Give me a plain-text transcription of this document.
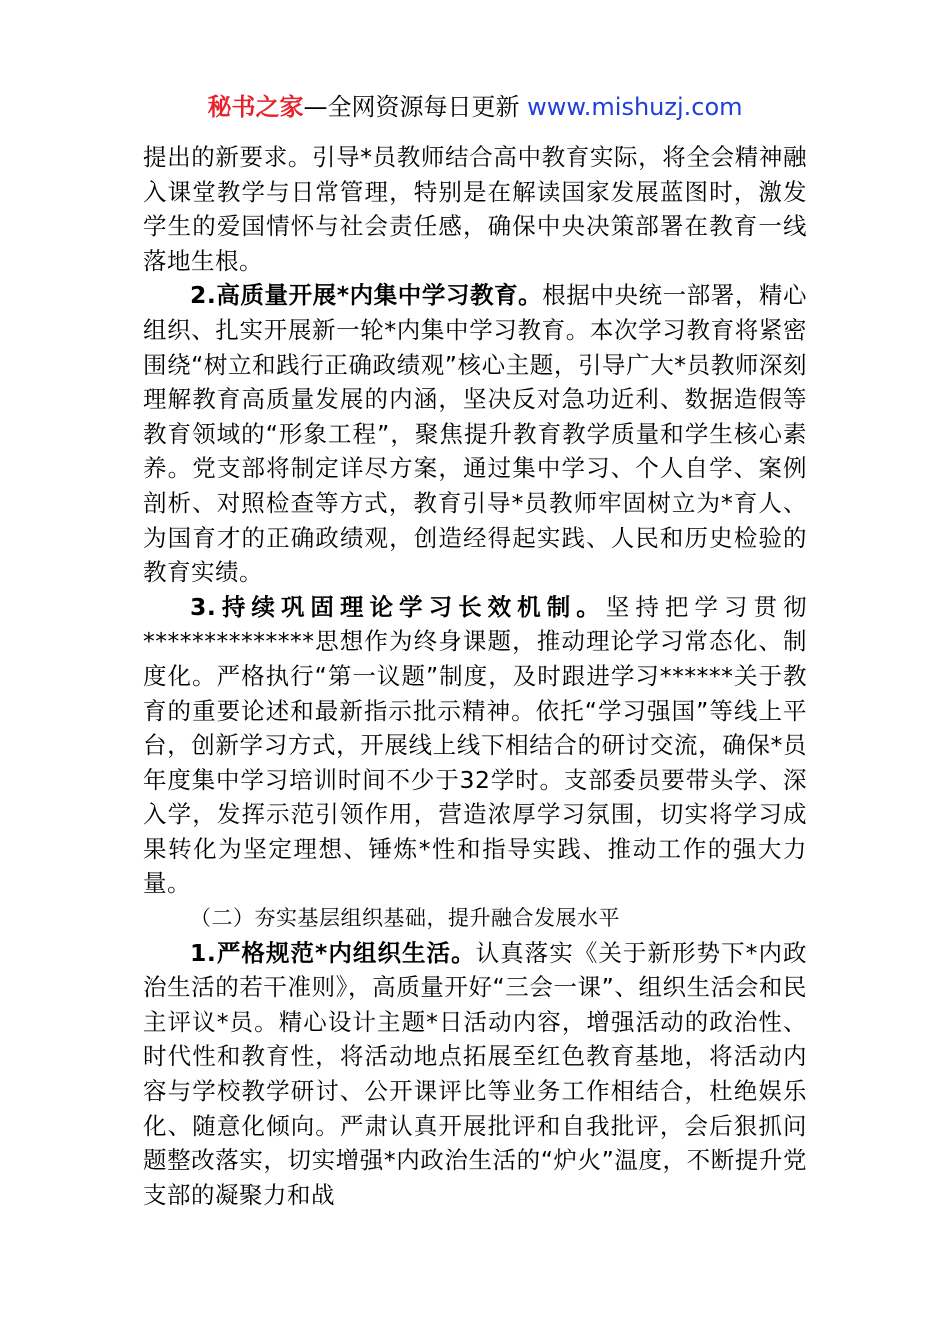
秘书之家—全网资源每日更新 www.mishuzj.com

提出的新要求。引导*员教师结合高中教育实际，将全会精神融入课堂教学与日常管理，特别是在解读国家发展蓝图时，激发学生的爱国情怀与社会责任感，确保中央决策部署在教育一线落地生根。

2.高质量开展*内集中学习教育。根据中央统一部署，精心组织、扎实开展新一轮*内集中学习教育。本次学习教育将紧密围绕“树立和践行正确政绩观”核心主题，引导广大*员教师深刻理解教育高质量发展的内涵，坚决反对急功近利、数据造假等教育领域的“形象工程”，聚焦提升教育教学质量和学生核心素养。党支部将制定详尽方案，通过集中学习、个人自学、案例剖析、对照检查等方式，教育引导*员教师牢固树立为*育人、为国育才的正确政绩观，创造经得起实践、人民和历史检验的教育实绩。

3.持续巩固理论学习长效机制。坚持把学习贯彻**************思想作为终身课题，推动理论学习常态化、制度化。严格执行“第一议题”制度，及时跟进学习******关于教育的重要论述和最新指示批示精神。依托“学习强国”等线上平台，创新学习方式，开展线上线下相结合的研讨交流，确保*员年度集中学习培训时间不少于32学时。支部委员要带头学、深入学，发挥示范引领作用，营造浓厚学习氛围，切实将学习成果转化为坚定理想、锤炼*性和指导实践、推动工作的强大力量。

（二）夯实基层组织基础，提升融合发展水平

1.严格规范*内组织生活。认真落实《关于新形势下*内政治生活的若干准则》，高质量开好“三会一课”、组织生活会和民主评议*员。精心设计主题*日活动内容，增强活动的政治性、时代性和教育性，将活动地点拓展至红色教育基地，将活动内容与学校教学研讨、公开课评比等业务工作相结合，杜绝娱乐化、随意化倾向。严肃认真开展批评和自我批评，会后狠抓问题整改落实，切实增强*内政治生活的“炉火”温度，不断提升党支部的凝聚力和战
